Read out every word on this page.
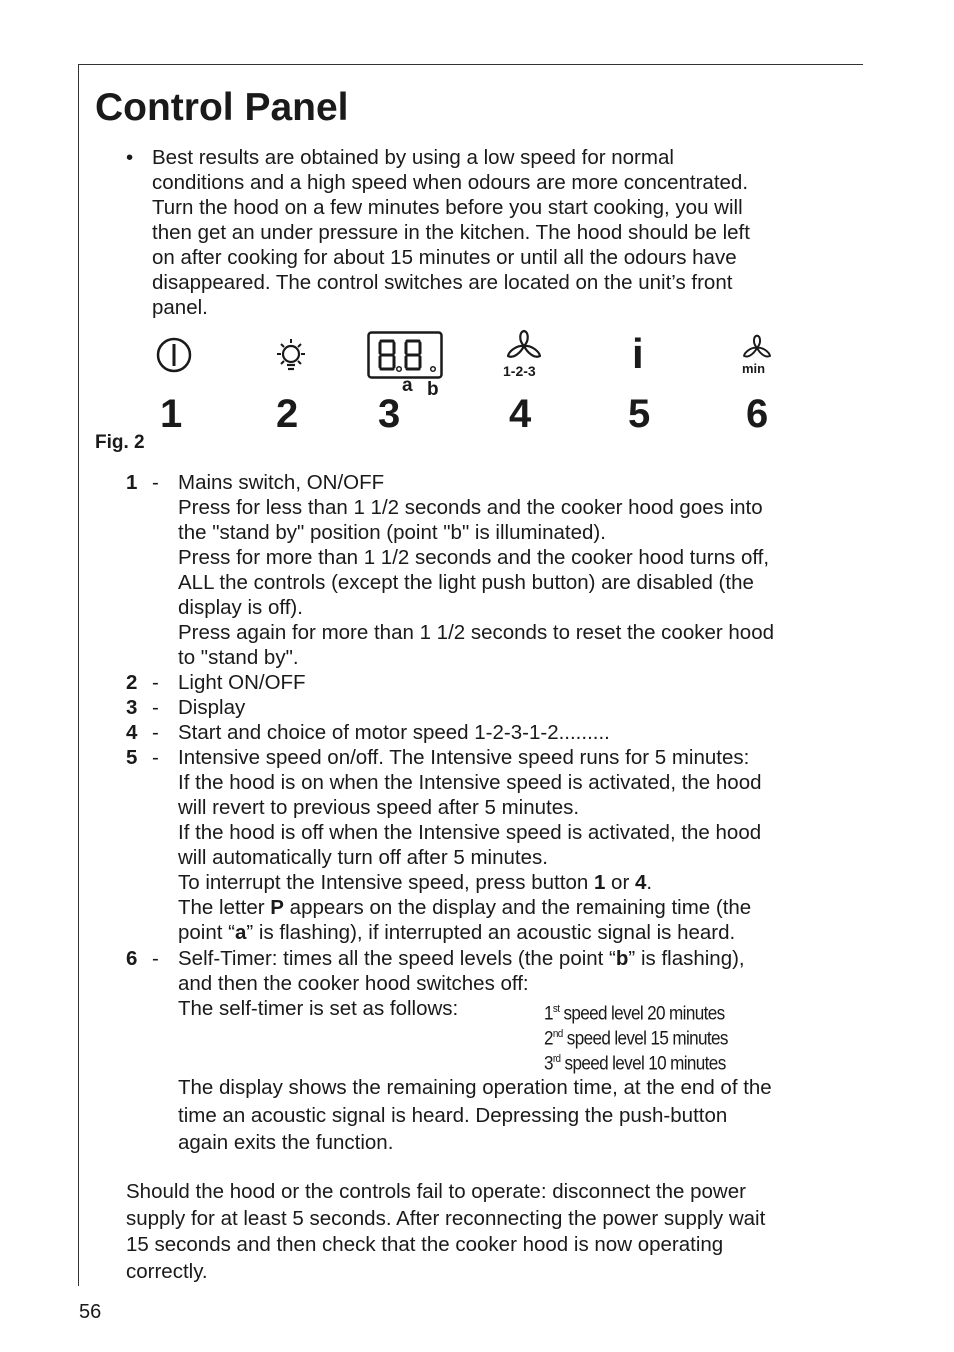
Control Panel
• Best results are obtained by using a low speed for normal
conditions and a high speed when odours are more concentrated.
Turn the hood on a few minutes before you start cooking, you will
then get an under pressure in the kitchen. The hood should be left
on after cooking for about 15 minutes or until all the odours have
disappeared. The control switches are located on the unit’s front
panel.
a b
1-2-3 i	min
1 2 3	4 5 6
Fig. 2
1 - Mains switch, ON/OFF
Press for less than 1 1/2 seconds and the cooker hood goes into
the "stand by" position (point "b" is illuminated).
Press for more than 1 1/2 seconds and the cooker hood turns off,
ALL the controls (except the light push button) are disabled (the
display is off).
Press again for more than 1 1/2 seconds to reset the cooker hood
to "stand by".
2 - Light ON/OFF
3 - Display
4 - Start and choice of motor speed 1-2-3-1-2.........
5 - Intensive speed on/off. The Intensive speed runs for 5 minutes:
If the hood is on when the Intensive speed is activated, the hood
will revert to previous speed after 5 minutes.
If the hood is off when the Intensive speed is activated, the hood
will automatically turn off after 5 minutes.
To interrupt the Intensive speed, press button 1 or 4.
The letter P appears on the display and the remaining time (the
point “a” is flashing), if interrupted an acoustic signal is heard.
6 - Self-Timer: times all the speed levels (the point “b” is flashing),
and then the cooker hood switches off:
The self-timer is set as follows:	1st speed level 20 minutes
2nd speed level 15 minutes
3rd speed level 10 minutes
The display shows the remaining operation time, at the end of the
time an acoustic signal is heard. Depressing the push-button
again exits the function.
Should the hood or the controls fail to operate: disconnect the power
supply for at least 5 seconds. After reconnecting the power supply wait
15 seconds and then check that the cooker hood is now operating
correctly.
56
